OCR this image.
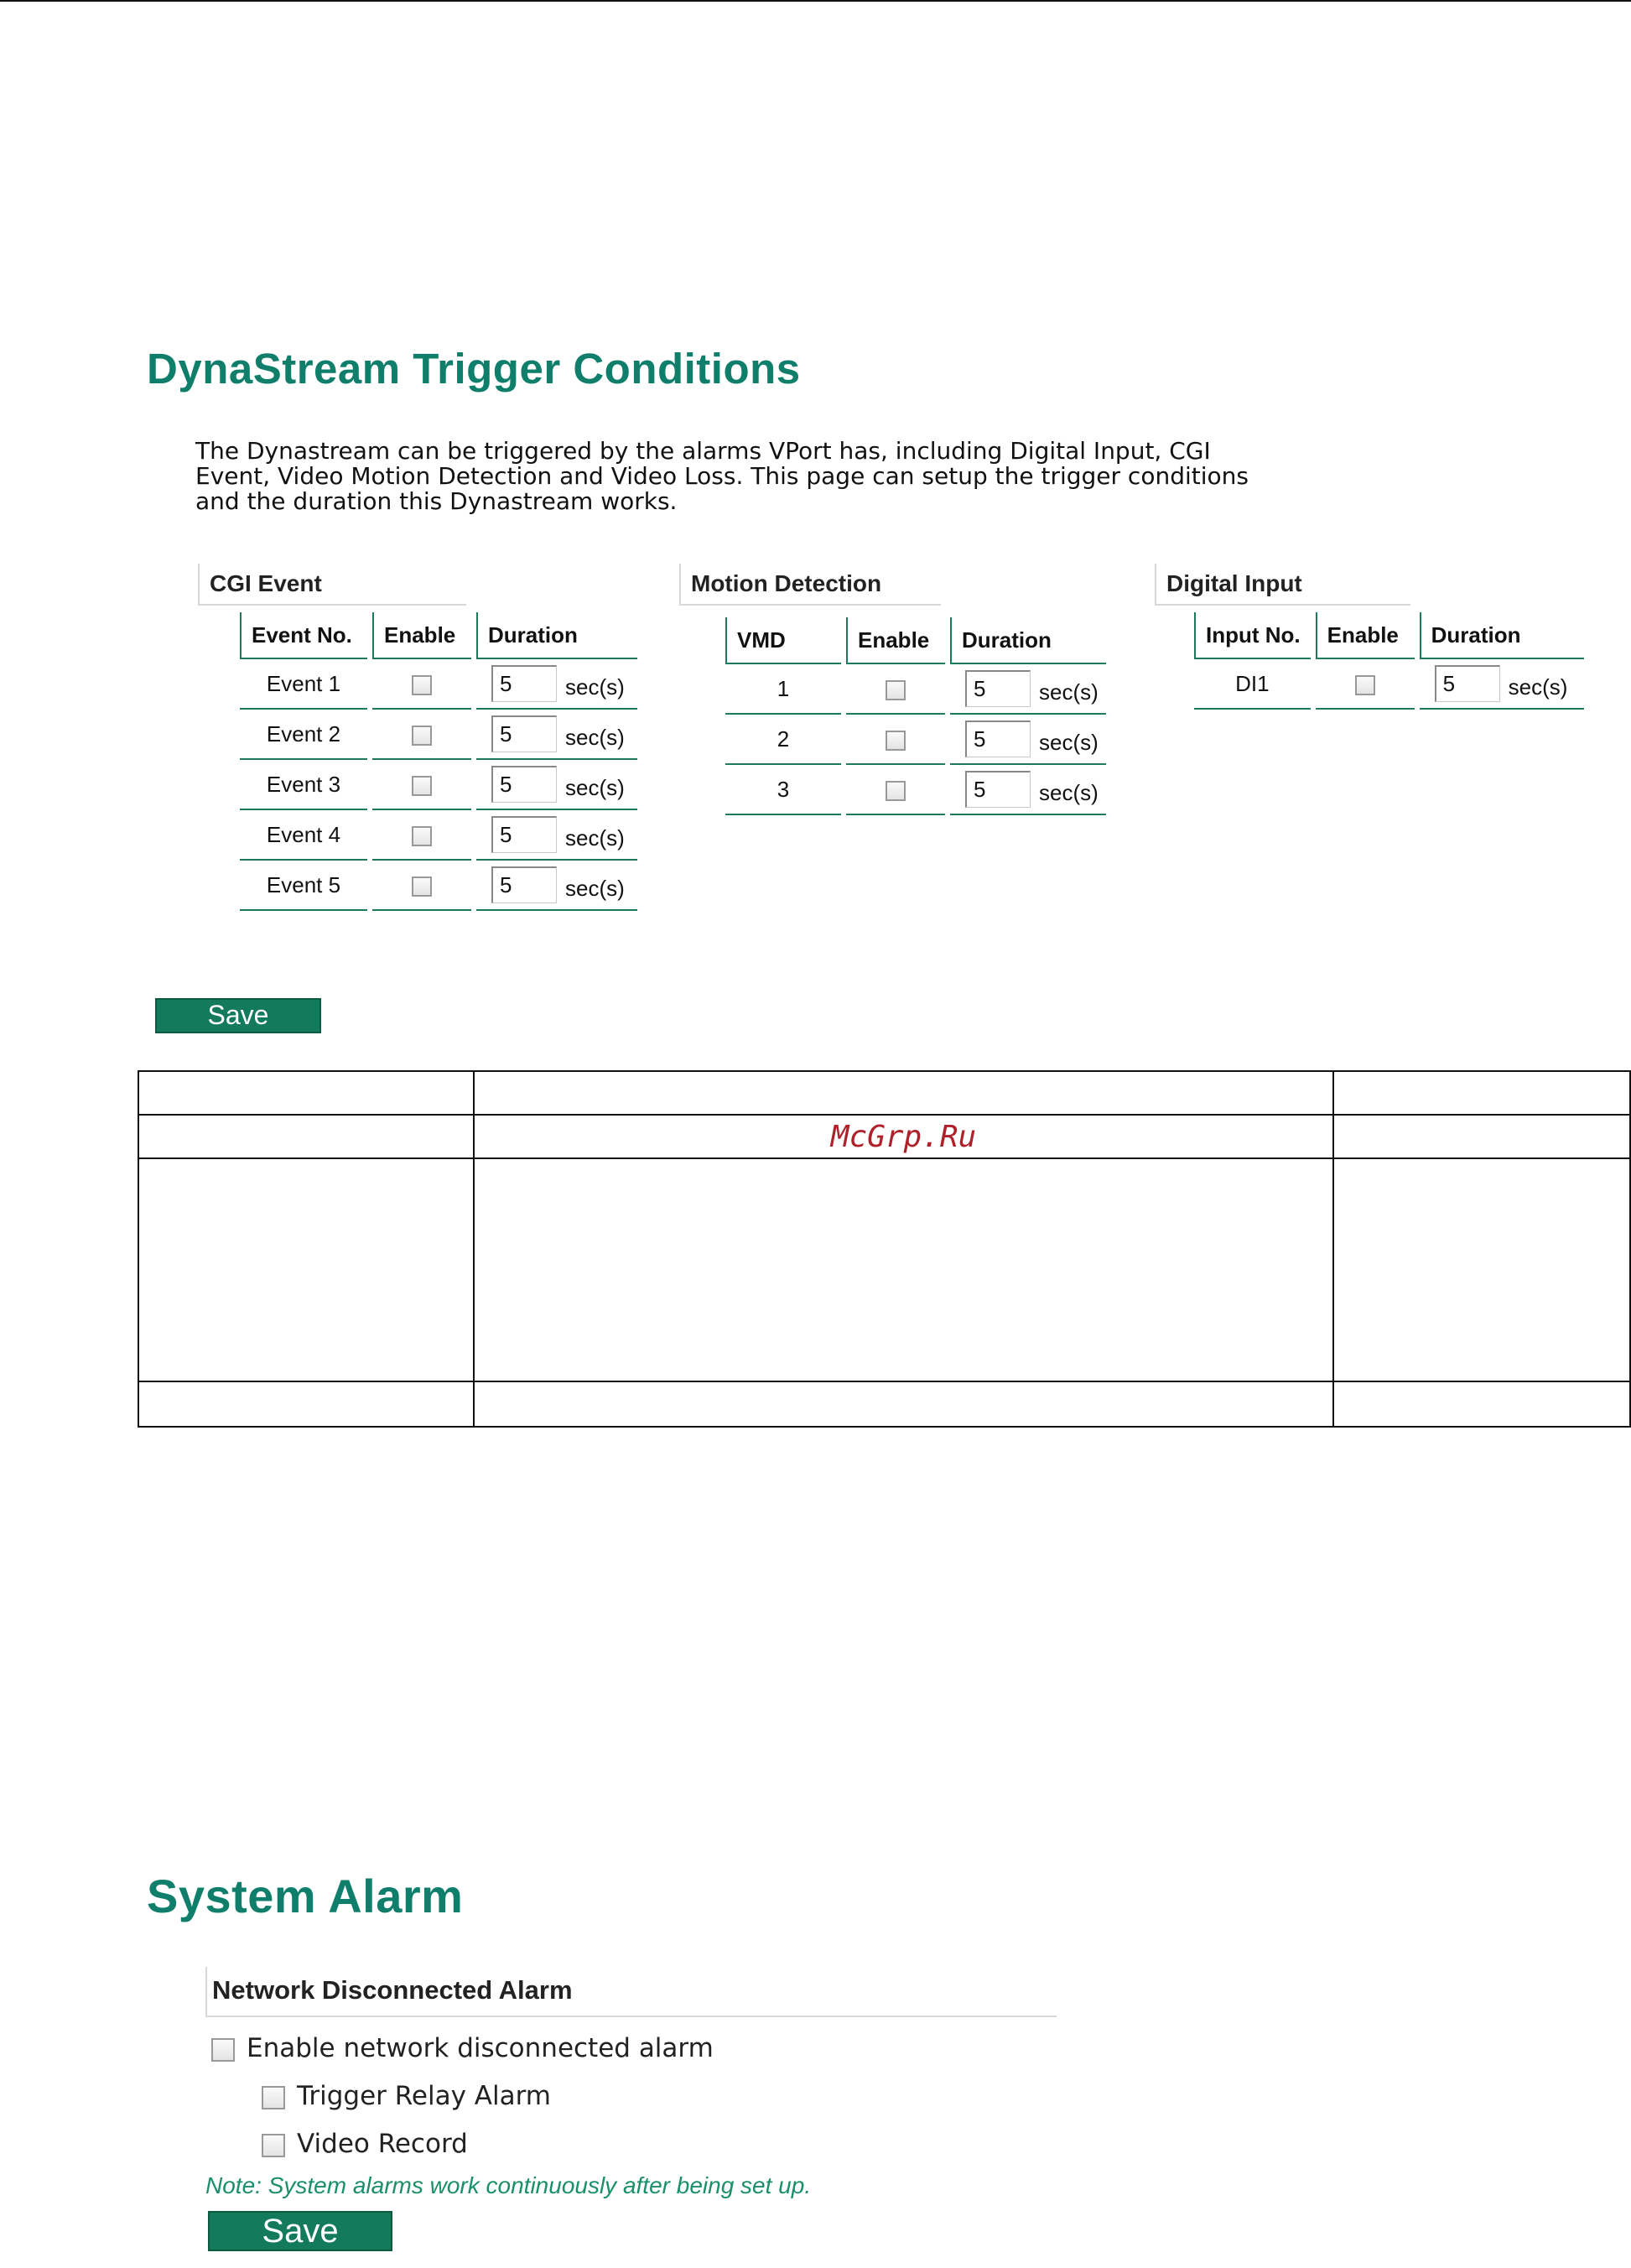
DynaStream Trigger Conditions
The Dynastream can be triggered by the alarms VPort has, including Digital Input, CGI Event, Video Motion Detection and Video Loss. This page can setup the trigger conditions and the duration this Dynastream works.
CGI Event
Event No.	Enable	Duration
Event 1		5 sec(s)
Event 2		5 sec(s)
Event 3		5 sec(s)
Event 4		5 sec(s)
Event 5		5 sec(s)
Motion Detection
VMD	Enable	Duration
1		5 sec(s)
2		5 sec(s)
3		5 sec(s)
Digital Input
Input No.	Enable	Duration
DI1		5 sec(s)
Save

	McGrp.Ru	

System Alarm
Network Disconnected Alarm
Enable network disconnected alarm
Trigger Relay Alarm
Video Record
Note: System alarms work continuously after being set up.
Save
